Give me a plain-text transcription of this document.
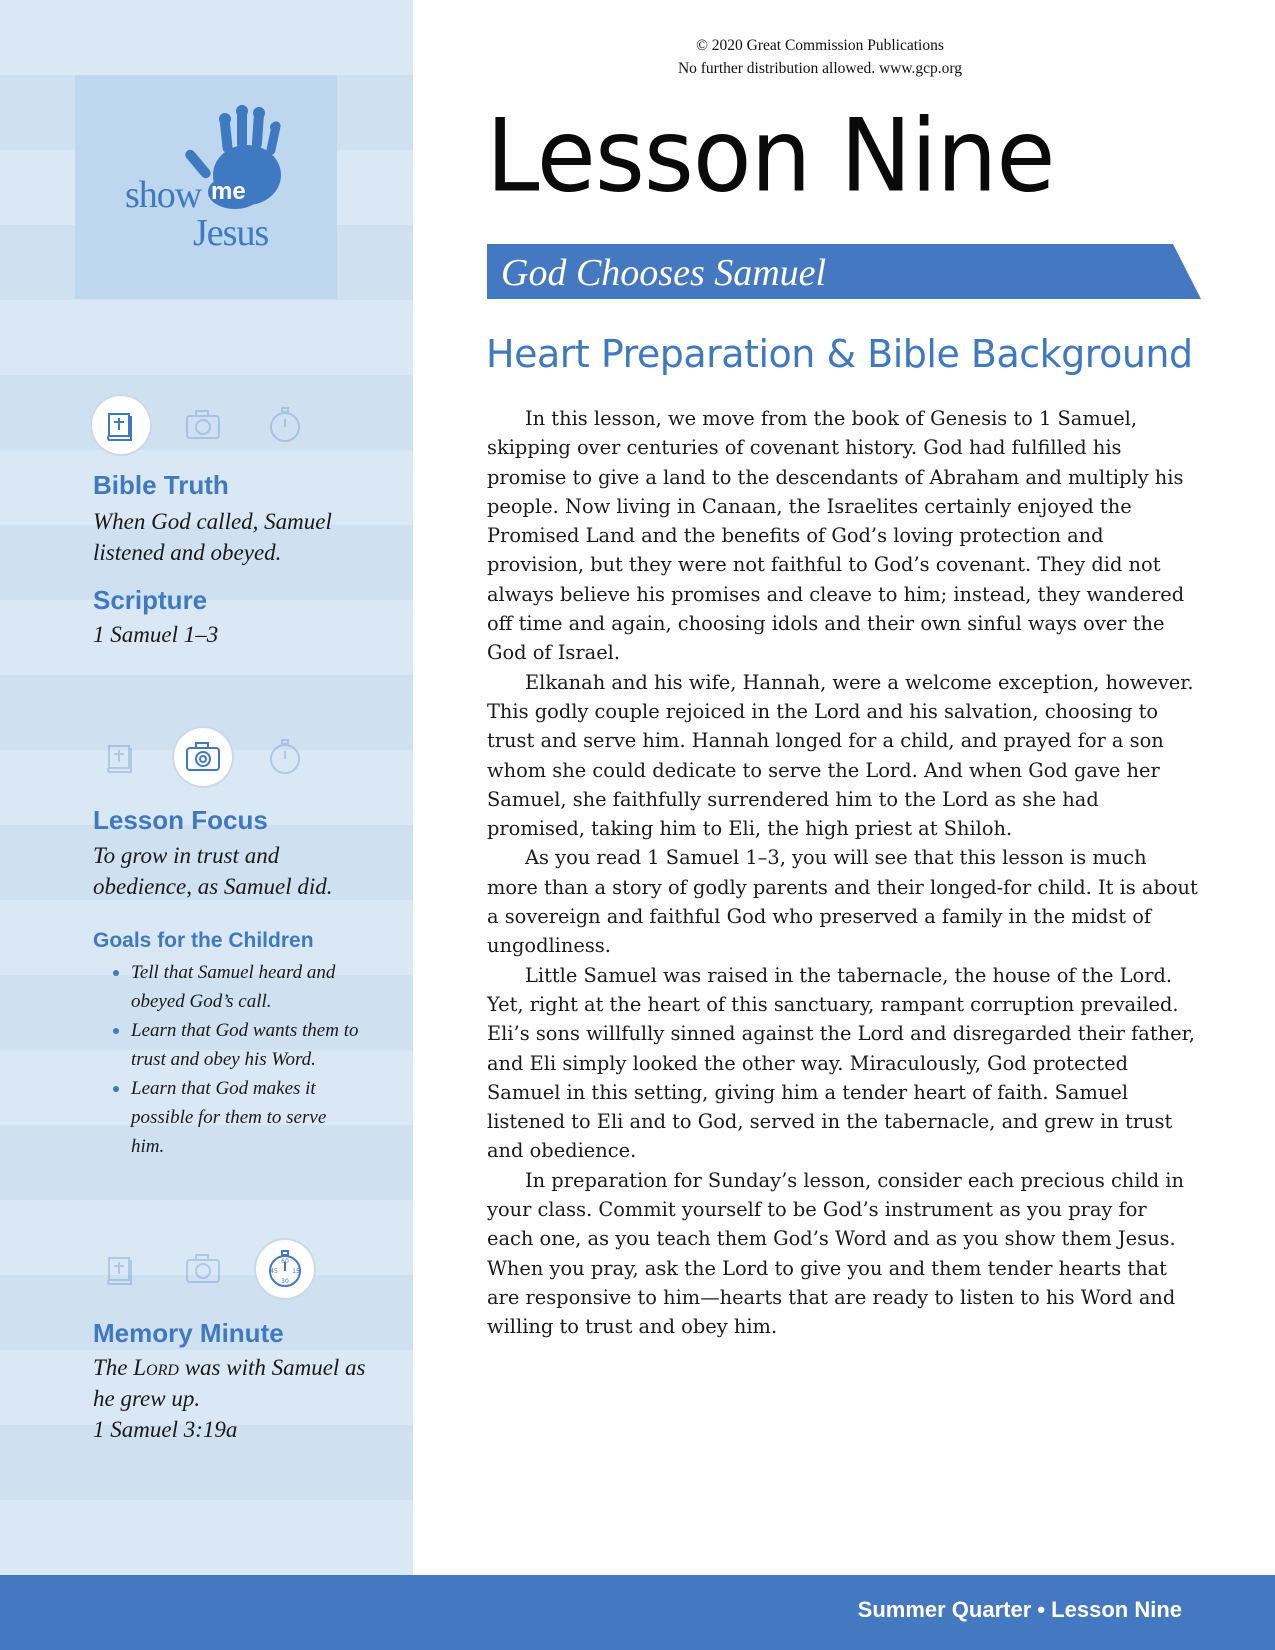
show me
Jesus
Bible Truth

When God called, Samuel listened and obeyed.

Scripture

1 Samuel 1–3

Lesson Focus

To grow in trust and obedience, as Samuel did.

Goals for the Children
Tell that Samuel heard and obeyed God’s call.
Learn that God wants them to trust and obey his Word.
Learn that God makes it possible for them to serve him.
60
15
30
45
Memory Minute

The Lord was with Samuel as he grew up.

1 Samuel 3:19a

© 2020 Great Commission Publications
No further distribution allowed. www.gcp.org
Lesson Nine
God Chooses Samuel
Heart Preparation & Bible Background

In this lesson, we move from the book of Genesis to 1 Samuel, skipping over centuries of covenant history. God had fulfilled his promise to give a land to the descendants of Abraham and multiply his people. Now living in Canaan, the Israelites certainly enjoyed the Promised Land and the benefits of God’s loving protection and provision, but they were not faithful to God’s covenant. They did not always believe his promises and cleave to him; instead, they wandered off time and again, choosing idols and their own sinful ways over the God of Israel.

Elkanah and his wife, Hannah, were a welcome exception, however. This godly couple rejoiced in the Lord and his salvation, choosing to trust and serve him. Hannah longed for a child, and prayed for a son whom she could dedicate to serve the Lord. And when God gave her Samuel, she faithfully surrendered him to the Lord as she had promised, taking him to Eli, the high priest at Shiloh.

As you read 1 Samuel 1–3, you will see that this lesson is much more than a story of godly parents and their longed-for child. It is about a sovereign and faithful God who preserved a family in the midst of ungodliness.

Little Samuel was raised in the tabernacle, the house of the Lord. Yet, right at the heart of this sanctuary, rampant corruption prevailed. Eli’s sons willfully sinned against the Lord and disregarded their father, and Eli simply looked the other way. Miraculously, God protected Samuel in this setting, giving him a tender heart of faith. Samuel listened to Eli and to God, served in the tabernacle, and grew in trust and obedience.

In preparation for Sunday’s lesson, consider each precious child in your class. Commit yourself to be God’s instrument as you pray for each one, as you teach them God’s Word and as you show them Jesus. When you pray, ask the Lord to give you and them tender hearts that are responsive to him—hearts that are ready to listen to his Word and willing to trust and obey him.

Summer Quarter • Lesson Nine
